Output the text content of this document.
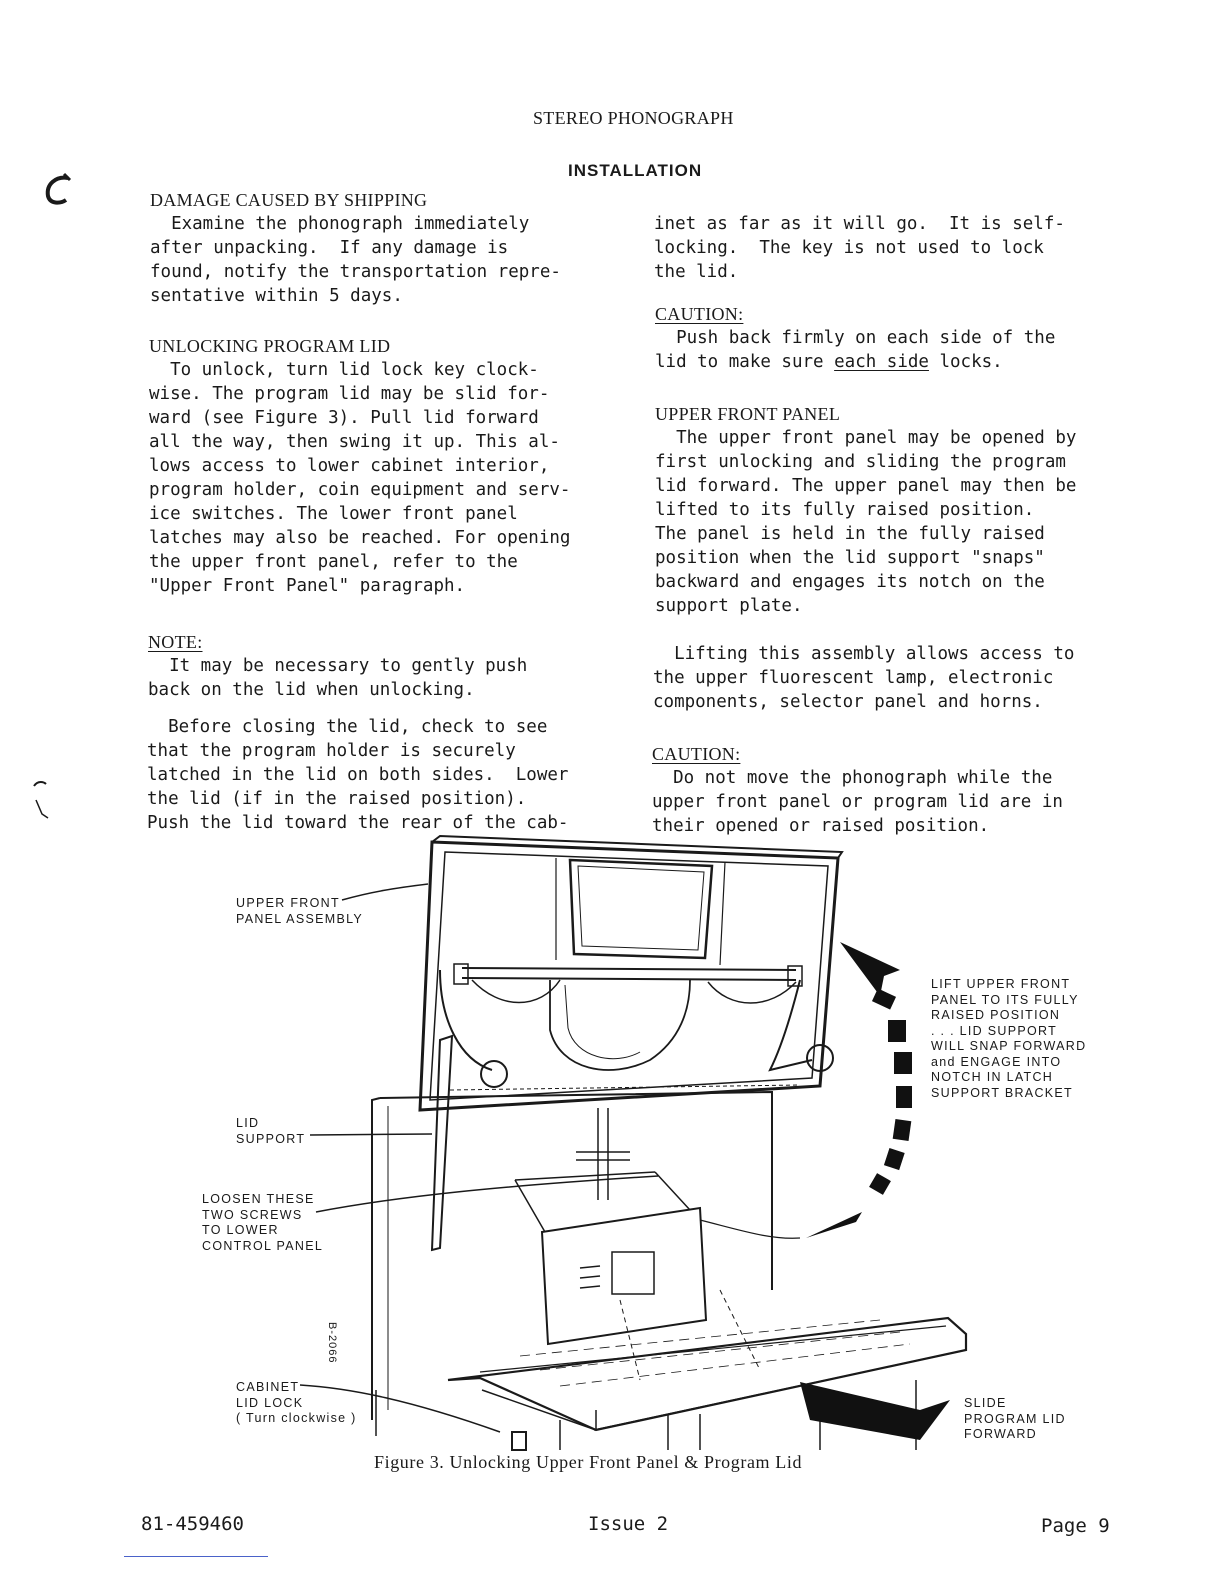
STEREO PHONOGRAPH
INSTALLATION
DAMAGE CAUSED BY SHIPPING
Examine the phonograph immediately
after unpacking.  If any damage is
found, notify the transportation repre-
sentative within 5 days.
UNLOCKING PROGRAM LID
To unlock, turn lid lock key clock-
wise. The program lid may be slid for-
ward (see Figure 3). Pull lid forward
all the way, then swing it up. This al-
lows access to lower cabinet interior,
program holder, coin equipment and serv-
ice switches. The lower front panel
latches may also be reached. For opening
the upper front panel, refer to the
"Upper Front Panel" paragraph.
NOTE:
It may be necessary to gently push
back on the lid when unlocking.
Before closing the lid, check to see
that the program holder is securely
latched in the lid on both sides.  Lower
the lid (if in the raised position).
Push the lid toward the rear of the cab-
inet as far as it will go.  It is self-
locking.  The key is not used to lock
the lid.
CAUTION:
Push back firmly on each side of the
lid to make sure each side locks.
UPPER FRONT PANEL
The upper front panel may be opened by
first unlocking and sliding the program
lid forward. The upper panel may then be
lifted to its fully raised position.
The panel is held in the fully raised
position when the lid support "snaps"
backward and engages its notch on the
support plate.
Lifting this assembly allows access to
the upper fluorescent lamp, electronic
components, selector panel and horns.
CAUTION:
Do not move the phonograph while the
upper front panel or program lid are in
their opened or raised position.
UPPER FRONT
PANEL ASSEMBLY
LID
SUPPORT
LOOSEN THESE
TWO SCREWS
TO LOWER
CONTROL PANEL
CABINET
LID LOCK
( Turn clockwise )
LIFT UPPER FRONT
PANEL TO ITS FULLY
RAISED POSITION
. . . LID SUPPORT
WILL SNAP FORWARD
and ENGAGE INTO
NOTCH IN LATCH
SUPPORT BRACKET
SLIDE
PROGRAM LID
FORWARD
B-2066
Figure 3. Unlocking Upper Front Panel & Program Lid
81-459460	Issue 2	Page 9
